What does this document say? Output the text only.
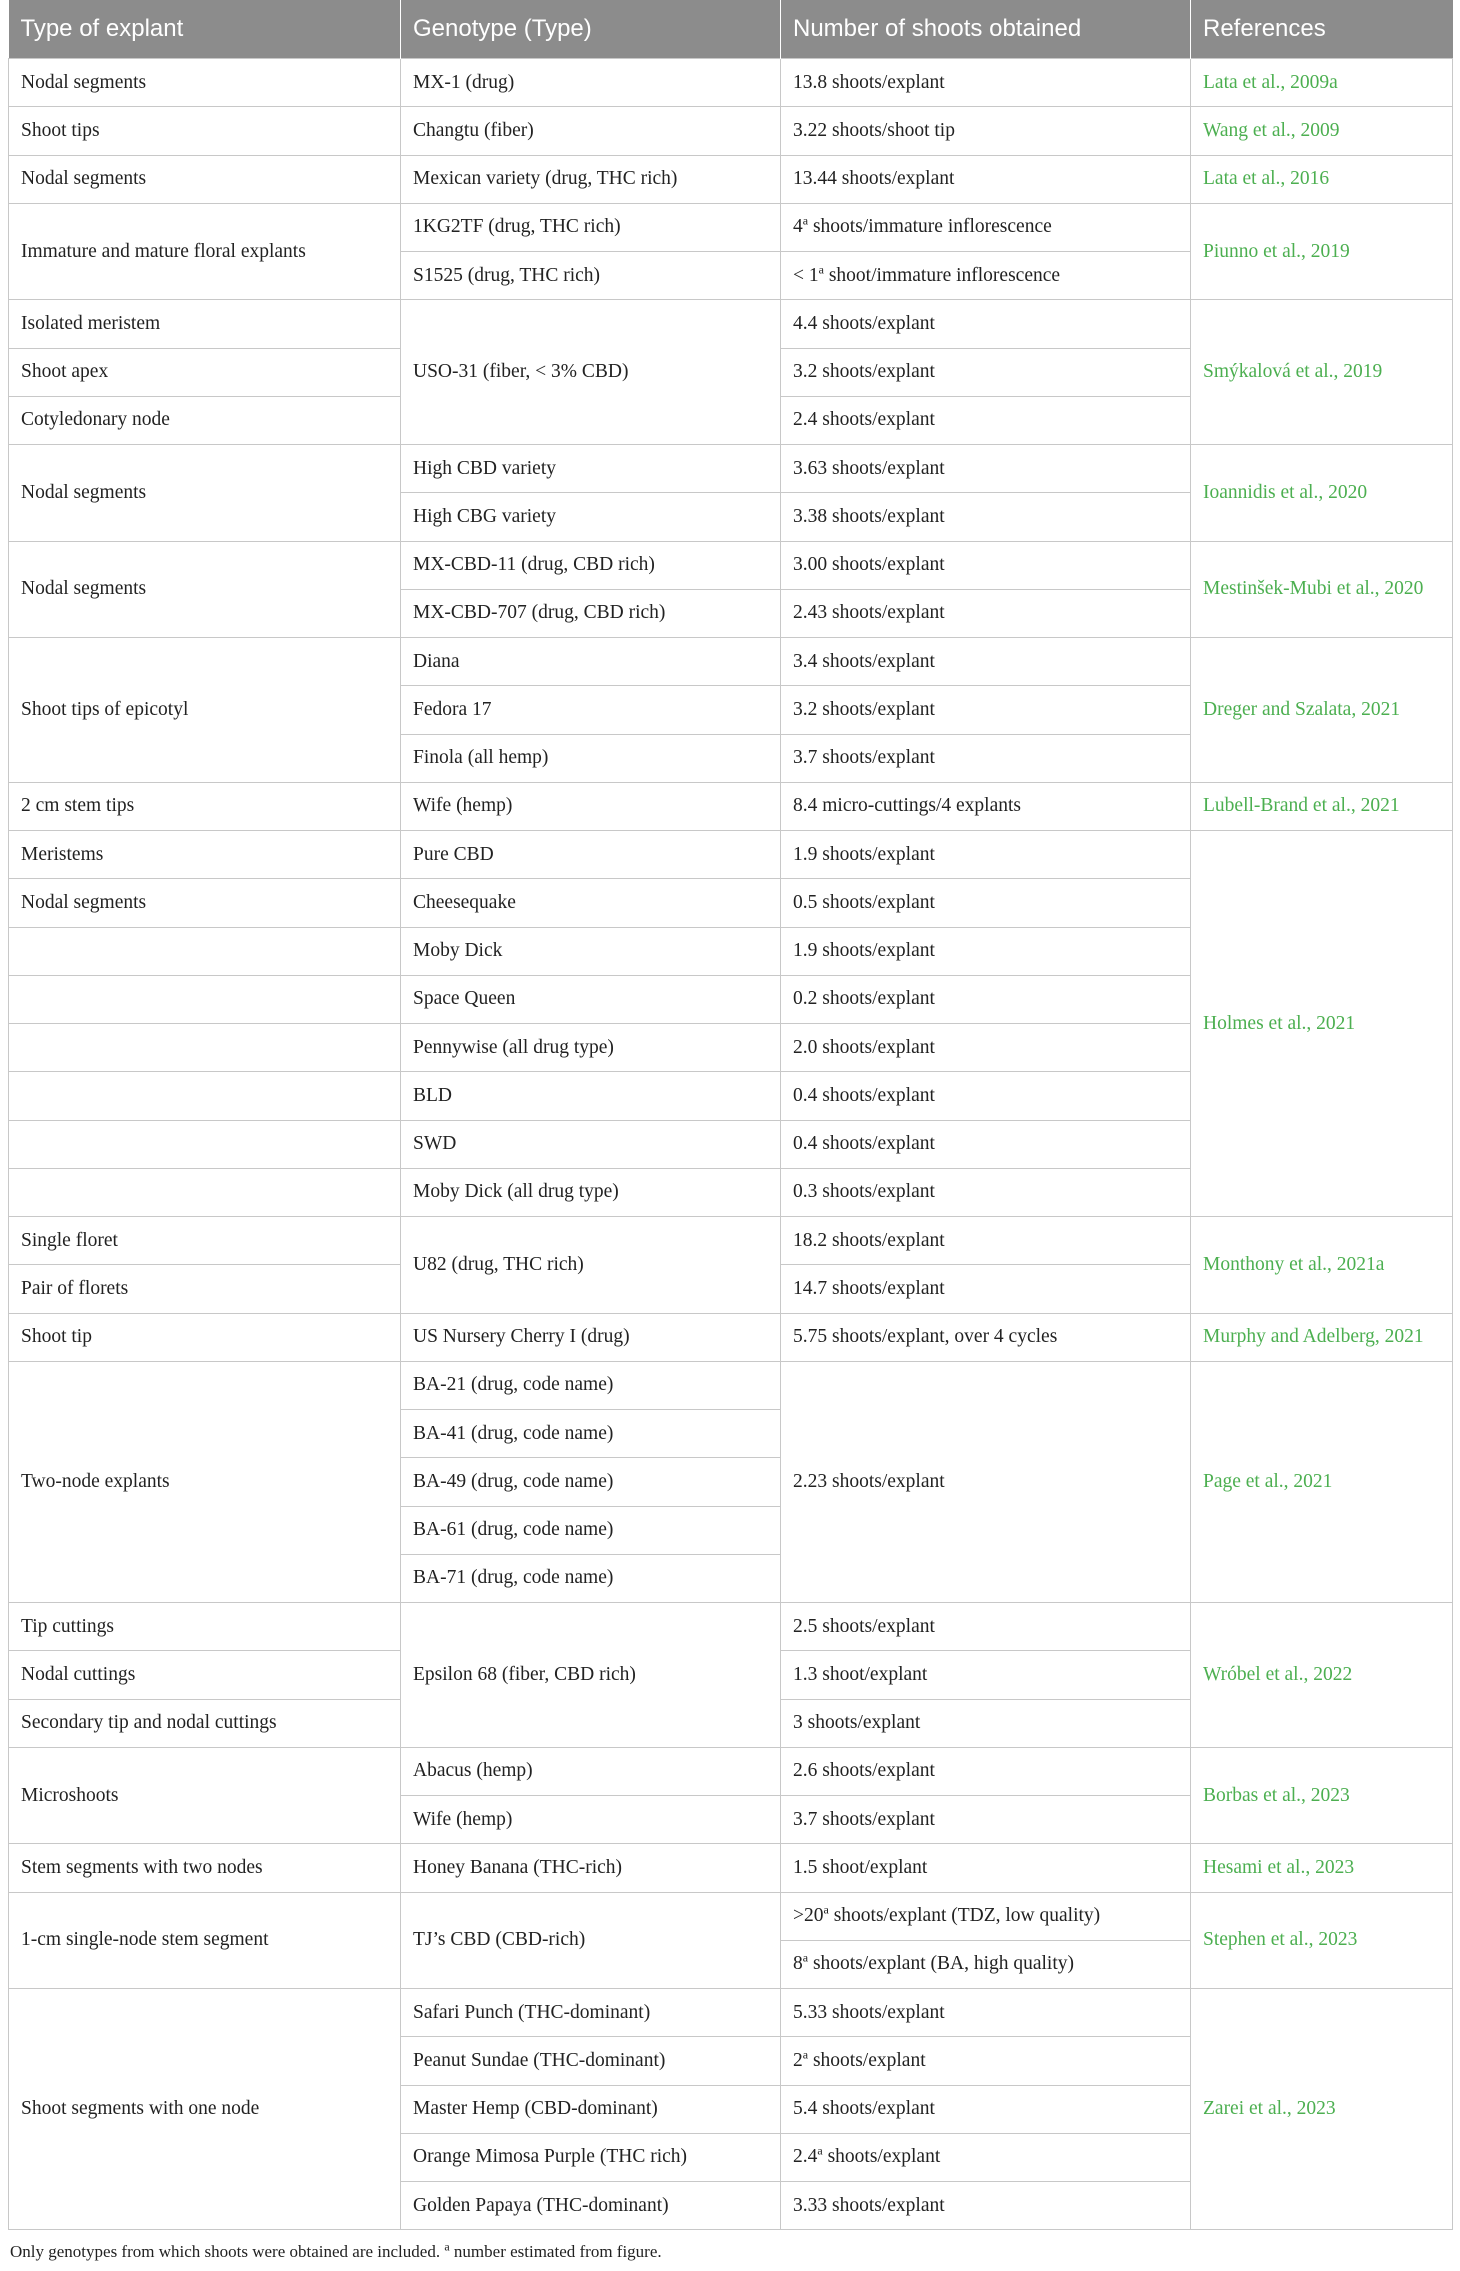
Type of explant	Genotype (Type)	Number of shoots obtained	References
Nodal segments	MX-1 (drug)	13.8 shoots/explant	Lata et al., 2009a
Shoot tips	Changtu (fiber)	3.22 shoots/shoot tip	Wang et al., 2009
Nodal segments	Mexican variety (drug, THC rich)	13.44 shoots/explant	Lata et al., 2016
Immature and mature floral explants	1KG2TF (drug, THC rich)	4$^a$ shoots/immature inflorescence	Piunno et al., 2019
	S1525 (drug, THC rich)	< $1^a$ shoot/immature inflorescence	
Isolated meristem	USO-31 (fiber, < 3% CBD)	4.4 shoots/explant	Smýkalová et al., 2019
Shoot apex		3.2 shoots/explant	
Cotyledonary node		2.4 shoots/explant	
Nodal segments	High CBD variety	3.63 shoots/explant	Ioannidis et al., 2020
	High CBG variety	3.38 shoots/explant	
Nodal segments	MX-CBD-11 (drug, CBD rich)	3.00 shoots/explant	Mestinšek-Mubi et al., 2020
	MX-CBD-707 (drug, CBD rich)	2.43 shoots/explant	
Shoot tips of epicotyl	Diana	3.4 shoots/explant	Dreger and Szalata, 2021
	Fedora 17	3.2 shoots/explant	
	Finola (all hemp)	3.7 shoots/explant	
2 cm stem tips	Wife (hemp)	8.4 micro-cuttings/4 explants	Lubell-Brand et al., 2021
Meristems	Pure CBD	1.9 shoots/explant	Holmes et al., 2021
Nodal segments	Cheesequake	0.5 shoots/explant	
	Moby Dick	1.9 shoots/explant	
	Space Queen	0.2 shoots/explant	
	Pennywise (all drug type)	2.0 shoots/explant	
	BLD	0.4 shoots/explant	
	SWD	0.4 shoots/explant	
	Moby Dick (all drug type)	0.3 shoots/explant	
Single floret	U82 (drug, THC rich)	18.2 shoots/explant	Monthony et al., 2021a
Pair of florets		14.7 shoots/explant	
Shoot tip	US Nursery Cherry I (drug)	5.75 shoots/explant, over 4 cycles	Murphy and Adelberg, 2021
Two-node explants	BA-21 (drug, code name)	2.23 shoots/explant	Page et al., 2021
	BA-41 (drug, code name)		
	BA-49 (drug, code name)		
	BA-61 (drug, code name)		
	BA-71 (drug, code name)		
Tip cuttings	Epsilon 68 (fiber, CBD rich)	2.5 shoots/explant	Wróbel et al., 2022
Nodal cuttings		1.3 shoot/explant	
Secondary tip and nodal cuttings		3 shoots/explant	
Microshoots	Abacus (hemp)	2.6 shoots/explant	Borbas et al., 2023
	Wife (hemp)	3.7 shoots/explant	
Stem segments with two nodes	Honey Banana (THC-rich)	1.5 shoot/explant	Hesami et al., 2023
1-cm single-node stem segment	TJ’s CBD (CBD-rich)	$>20^a$ shoots/explant (TDZ, low quality)	Stephen et al., 2023
		8$^a$ shoots/explant (BA, high quality)	
Shoot segments with one node	Safari Punch (THC-dominant)	5.33 shoots/explant	Zarei et al., 2023
	Peanut Sundae (THC-dominant)	2$^a$ shoots/explant	
	Master Hemp (CBD-dominant)	5.4 shoots/explant	
	Orange Mimosa Purple (THC rich)	2.4$^a$ shoots/explant	
	Golden Papaya (THC-dominant)	3.33 shoots/explant	
Only genotypes from which shoots were obtained are included. $^a$ number estimated from figure.
